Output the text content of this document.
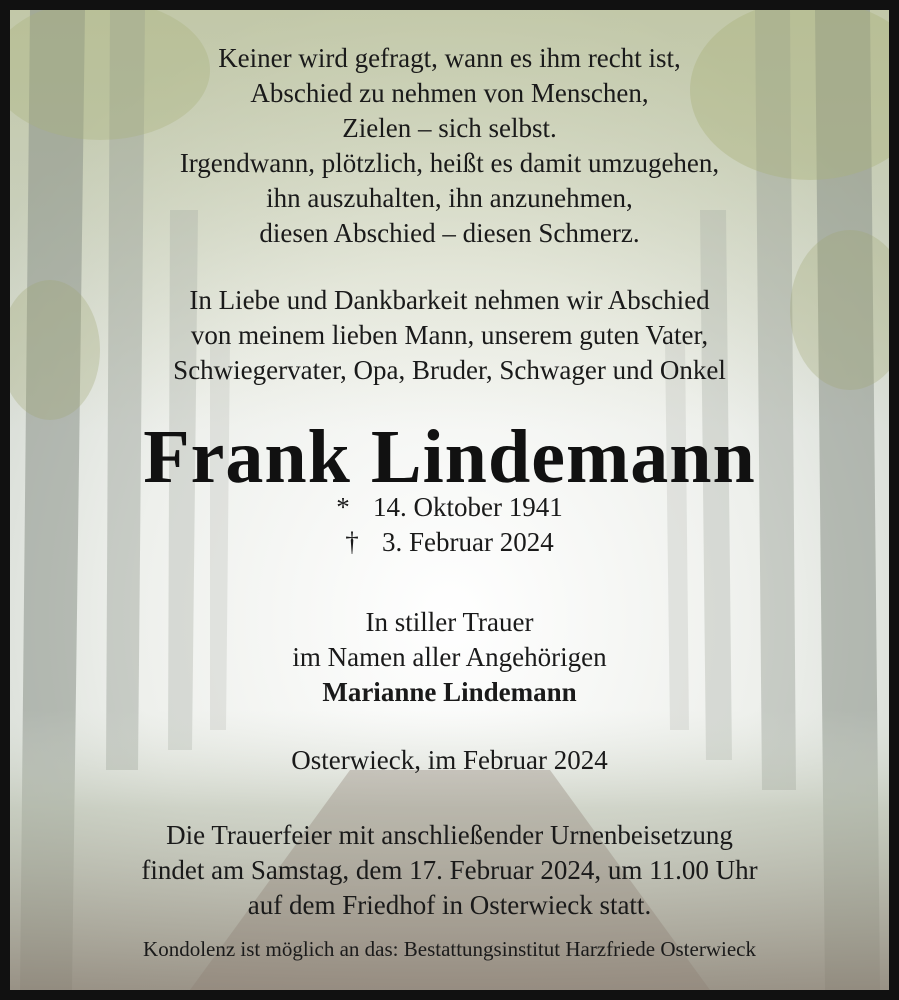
Keiner wird gefragt, wann es ihm recht ist,
Abschied zu nehmen von Menschen,
Zielen – sich selbst.
Irgendwann, plötzlich, heißt es damit umzugehen,
ihn auszuhalten, ihn anzunehmen,
diesen Abschied – diesen Schmerz.
In Liebe und Dankbarkeit nehmen wir Abschied
von meinem lieben Mann, unserem guten Vater,
Schwiegervater, Opa, Bruder, Schwager und Onkel
Frank Lindemann
* 14. Oktober 1941
† 3. Februar 2024
In stiller Trauer
im Namen aller Angehörigen
Marianne Lindemann
Osterwieck, im Februar 2024
Die Trauerfeier mit anschließender Urnenbeisetzung
findet am Samstag, dem 17. Februar 2024, um 11.00 Uhr
auf dem Friedhof in Osterwieck statt.
Kondolenz ist möglich an das: Bestattungsinstitut Harzfriede Osterwieck
